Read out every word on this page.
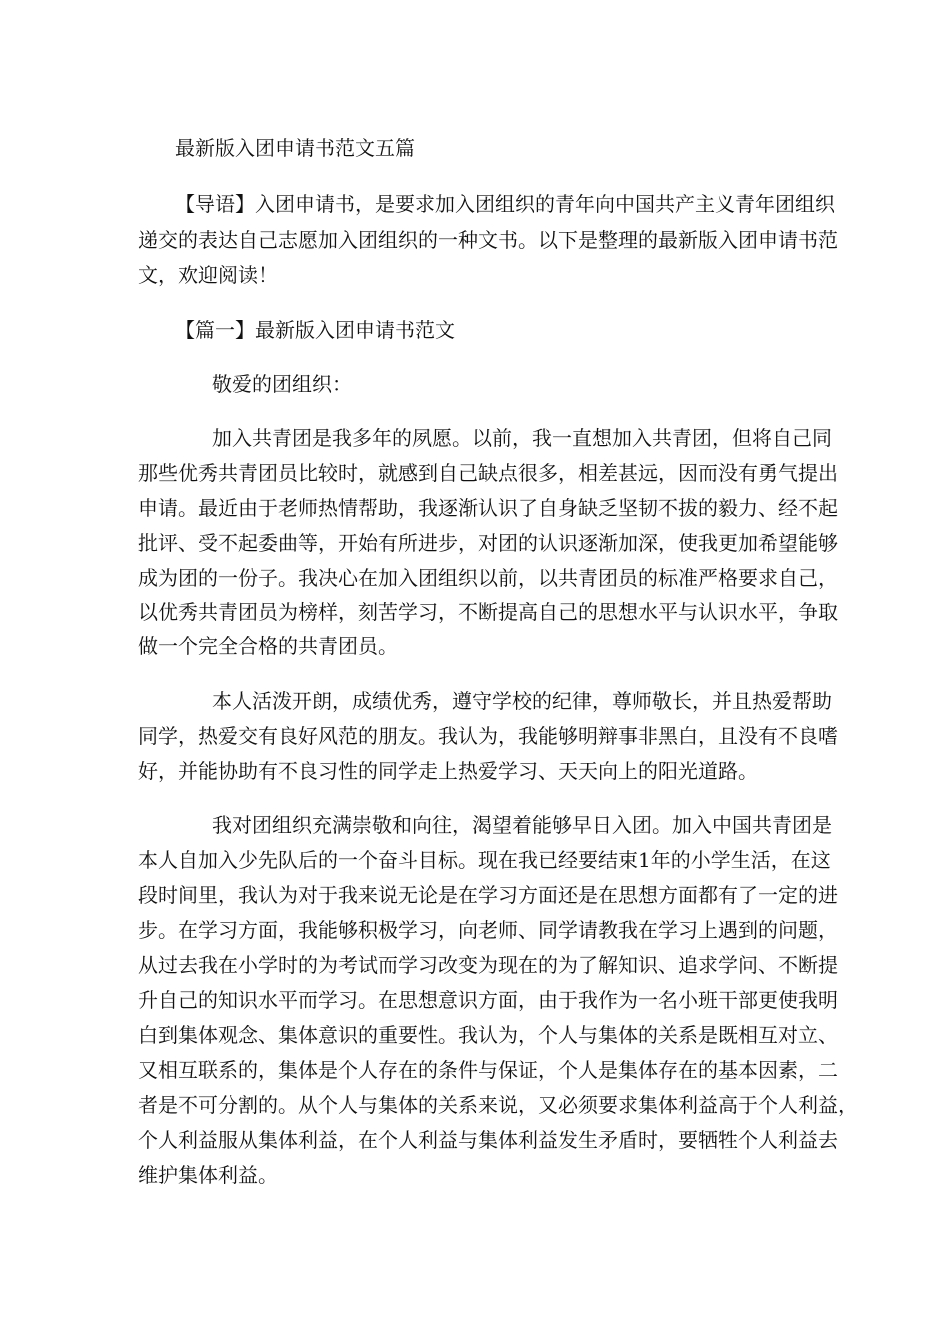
最新版入团申请书范文五篇
【导语】入团申请书，是要求加入团组织的青年向中国共产主义青年团组织
递交的表达自己志愿加入团组织的一种文书。以下是整理的最新版入团申请书范
文，欢迎阅读！
【篇一】最新版入团申请书范文
敬爱的团组织：
加入共青团是我多年的夙愿。以前，我一直想加入共青团，但将自己同
那些优秀共青团员比较时，就感到自己缺点很多，相差甚远，因而没有勇气提出
申请。最近由于老师热情帮助，我逐渐认识了自身缺乏坚韧不拔的毅力、经不起
批评、受不起委曲等，开始有所进步，对团的认识逐渐加深，使我更加希望能够
成为团的一份子。我决心在加入团组织以前，以共青团员的标准严格要求自己，
以优秀共青团员为榜样，刻苦学习，不断提高自己的思想水平与认识水平，争取
做一个完全合格的共青团员。
本人活泼开朗，成绩优秀，遵守学校的纪律，尊师敬长，并且热爱帮助
同学，热爱交有良好风范的朋友。我认为，我能够明辩事非黑白，且没有不良嗜
好，并能协助有不良习性的同学走上热爱学习、天天向上的阳光道路。
我对团组织充满崇敬和向往，渴望着能够早日入团。加入中国共青团是
本人自加入少先队后的一个奋斗目标。现在我已经要结束1年的小学生活，在这
段时间里，我认为对于我来说无论是在学习方面还是在思想方面都有了一定的进
步。在学习方面，我能够积极学习，向老师、同学请教我在学习上遇到的问题，
从过去我在小学时的为考试而学习改变为现在的为了解知识、追求学问、不断提
升自己的知识水平而学习。在思想意识方面，由于我作为一名小班干部更使我明
白到集体观念、集体意识的重要性。我认为，个人与集体的关系是既相互对立、
又相互联系的，集体是个人存在的条件与保证，个人是集体存在的基本因素，二
者是不可分割的。从个人与集体的关系来说，又必须要求集体利益高于个人利益，
个人利益服从集体利益，在个人利益与集体利益发生矛盾时，要牺牲个人利益去
维护集体利益。
